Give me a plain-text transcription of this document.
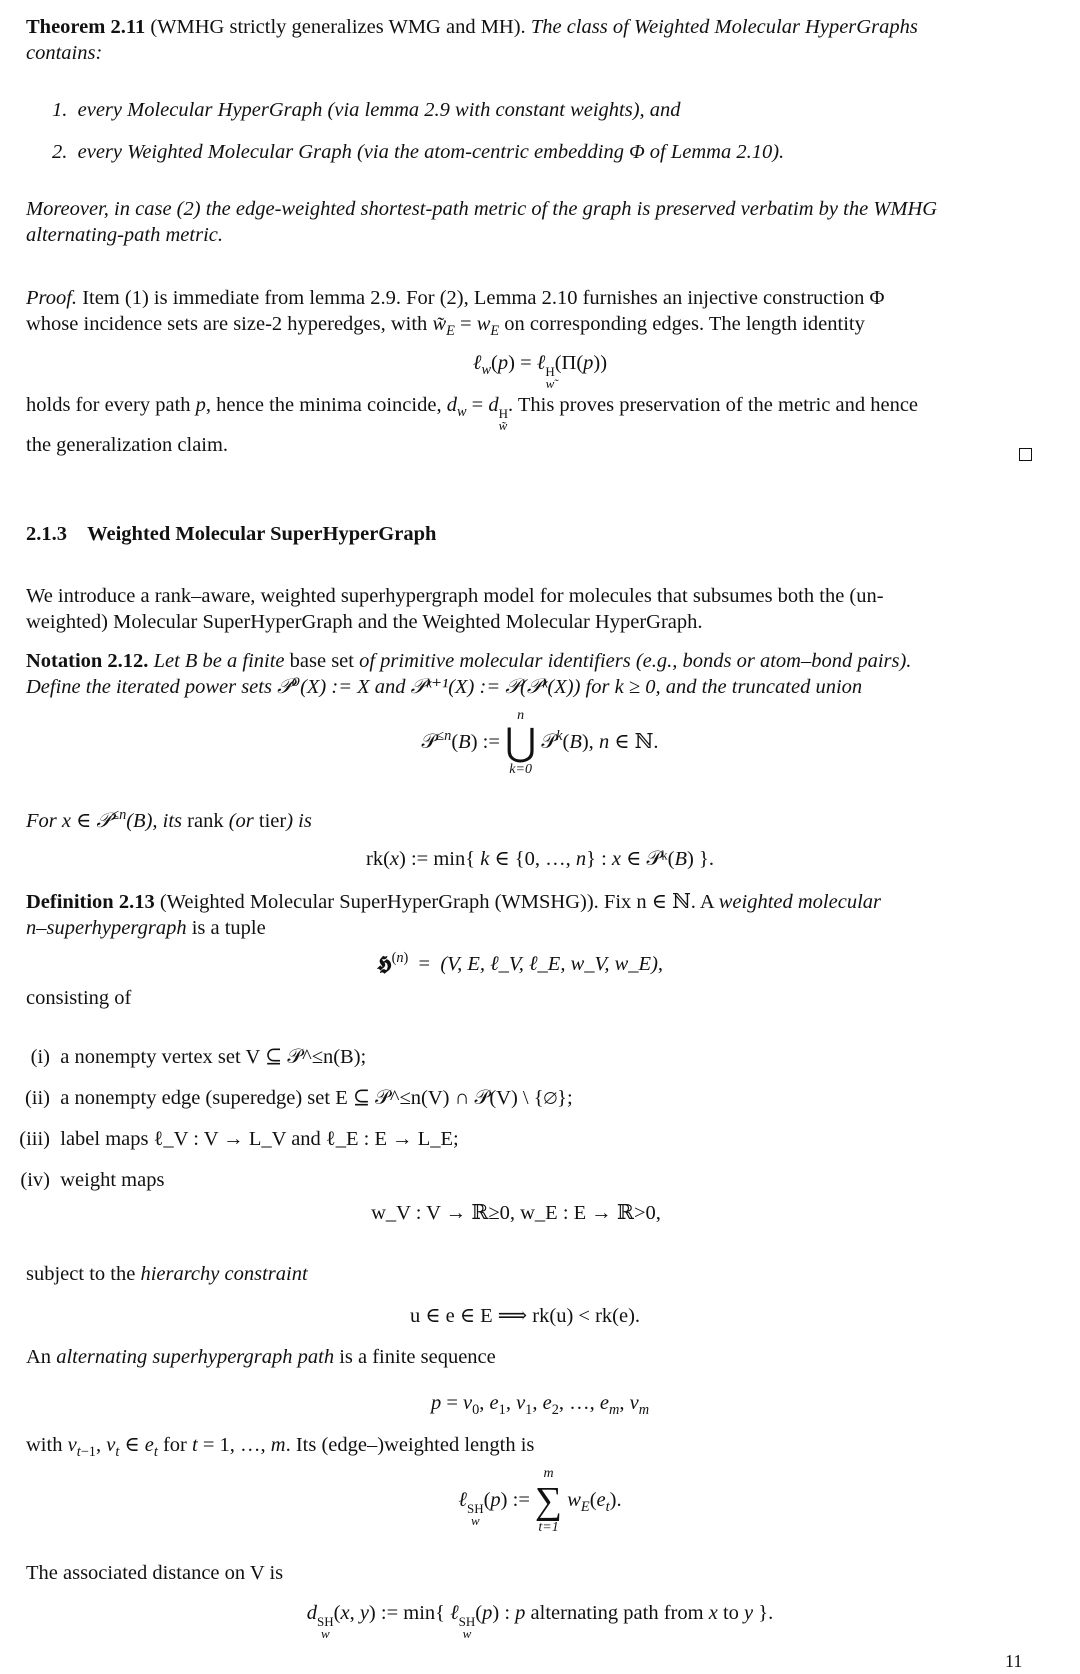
Theorem 2.11 (WMHG strictly generalizes WMG and MH). The class of Weighted Molecular HyperGraphs
contains:
1. every Molecular HyperGraph (via lemma 2.9 with constant weights), and
2. every Weighted Molecular Graph (via the atom-centric embedding Φ of Lemma 2.10).
Moreover, in case (2) the edge-weighted shortest-path metric of the graph is preserved verbatim by the WMHG
alternating-path metric.
Proof. Item (1) is immediate from lemma 2.9. For (2), Lemma 2.10 furnishes an injective construction Φ
whose incidence sets are size-2 hyperedges, with $w̃_E = w_E$ on corresponding edges. The length identity
ℓ$_w$(p) = ℓ H
w
(Π(p))
holds for every path p, hence the minima coincide, $d_w = d$ H
w̃
. This proves preservation of the metric and hence
the generalization claim.
2.1.3 Weighted Molecular SuperHyperGraph
We introduce a rank–aware, weighted superhypergraph model for molecules that subsumes both the (un-
weighted) Molecular SuperHyperGraph and the Weighted Molecular HyperGraph.
Notation 2.12. Let B be a finite base set of primitive molecular identifiers (e.g., bonds or atom–bond pairs).
Define the iterated power sets 𝒫⁰(X) := X and 𝒫ᵏ⁺¹(X) := 𝒫(𝒫ᵏ(X)) for k ≥ 0, and the truncated union
𝒫$^{\le n}$(B) :=
n
⋃
k=0
𝒫$^k$(B), n ∈ ℕ.
For x ∈ 𝒫$^{\le n}$(B), its rank (or tier) is
rk(x) := min{ k ∈ {0, …, n} : x ∈ 𝒫ᵏ(B) }.
Definition 2.13 (Weighted Molecular SuperHyperGraph (WMSHG)). Fix n ∈ ℕ. A weighted molecular
n–superhypergraph is a tuple
𝕳$^{(n)}$  =  (V, E, ℓ_V, ℓ_E, w_V, w_E),
consisting of
(i) a nonempty vertex set V ⊆ 𝒫^≤n(B);
(ii) a nonempty edge (superedge) set E ⊆ 𝒫^≤n(V) ∩ 𝒫(V) \ {∅};
(iii) label maps ℓ_V : V → L_V and ℓ_E : E → L_E;
(iv) weight maps
w_V : V → ℝ≥0, w_E : E → ℝ>0,
subject to the hierarchy constraint
u ∈ e ∈ E ⟹ rk(u) < rk(e).
An alternating superhypergraph path is a finite sequence
$p = v_0$, $e_1$, $v_1$, $e_2$, …, $e_m$, $v_m$
with $v_{t-1}$, $v_t$ ∈ $e_t$ for t = 1, …, m. Its (edge–)weighted length is
ℓ SH
w
(p) :=
m
∑
t=1
$w_E(e_t)$.
The associated distance on V is
d SH
w
(x, y) := min{ ℓ SH
w
(p) : p alternating path from x to y }.
11
